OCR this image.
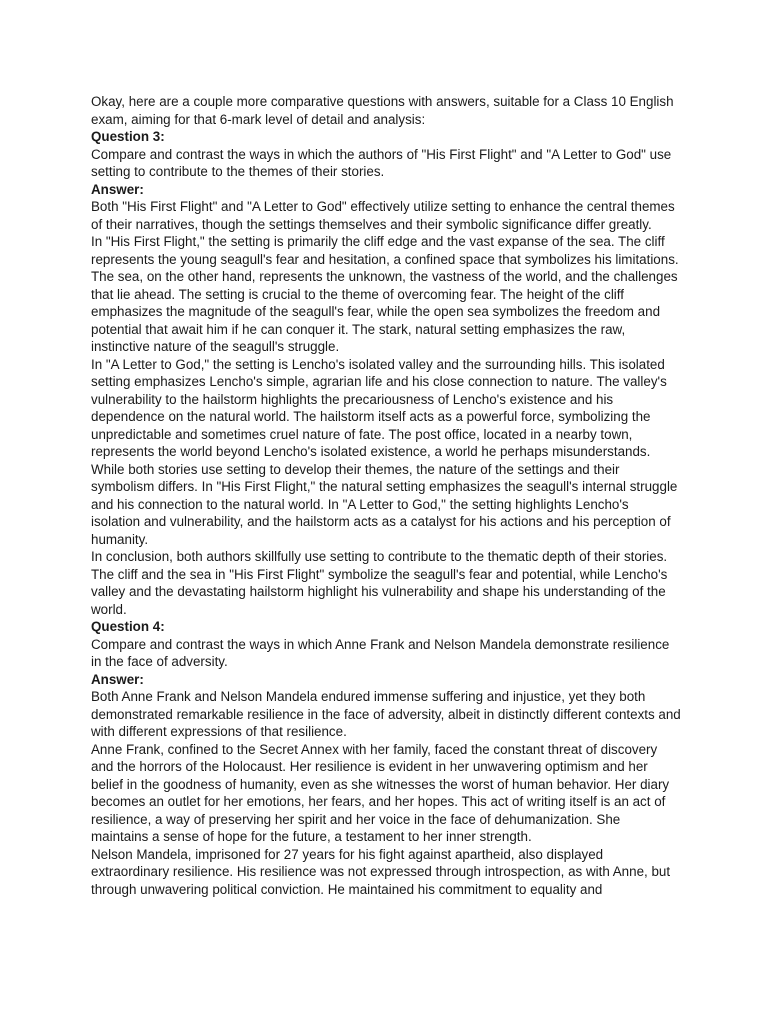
Okay, here are a couple more comparative questions with answers, suitable for a Class 10 English exam, aiming for that 6-mark level of detail and analysis:

Question 3:

Compare and contrast the ways in which the authors of "His First Flight" and "A Letter to God" use setting to contribute to the themes of their stories.

Answer:

Both "His First Flight" and "A Letter to God" effectively utilize setting to enhance the central themes of their narratives, though the settings themselves and their symbolic significance differ greatly.

In "His First Flight," the setting is primarily the cliff edge and the vast expanse of the sea. The cliff represents the young seagull's fear and hesitation, a confined space that symbolizes his limitations. The sea, on the other hand, represents the unknown, the vastness of the world, and the challenges that lie ahead. The setting is crucial to the theme of overcoming fear. The height of the cliff emphasizes the magnitude of the seagull's fear, while the open sea symbolizes the freedom and potential that await him if he can conquer it. The stark, natural setting emphasizes the raw, instinctive nature of the seagull's struggle.

In "A Letter to God," the setting is Lencho's isolated valley and the surrounding hills. This isolated setting emphasizes Lencho's simple, agrarian life and his close connection to nature. The valley's vulnerability to the hailstorm highlights the precariousness of Lencho's existence and his dependence on the natural world. The hailstorm itself acts as a powerful force, symbolizing the unpredictable and sometimes cruel nature of fate. The post office, located in a nearby town, represents the world beyond Lencho's isolated existence, a world he perhaps misunderstands.

While both stories use setting to develop their themes, the nature of the settings and their symbolism differs. In "His First Flight," the natural setting emphasizes the seagull's internal struggle and his connection to the natural world. In "A Letter to God," the setting highlights Lencho's isolation and vulnerability, and the hailstorm acts as a catalyst for his actions and his perception of humanity.

In conclusion, both authors skillfully use setting to contribute to the thematic depth of their stories. The cliff and the sea in "His First Flight" symbolize the seagull's fear and potential, while Lencho's valley and the devastating hailstorm highlight his vulnerability and shape his understanding of the world.

Question 4:

Compare and contrast the ways in which Anne Frank and Nelson Mandela demonstrate resilience in the face of adversity.

Answer:

Both Anne Frank and Nelson Mandela endured immense suffering and injustice, yet they both demonstrated remarkable resilience in the face of adversity, albeit in distinctly different contexts and with different expressions of that resilience.

Anne Frank, confined to the Secret Annex with her family, faced the constant threat of discovery and the horrors of the Holocaust. Her resilience is evident in her unwavering optimism and her belief in the goodness of humanity, even as she witnesses the worst of human behavior. Her diary becomes an outlet for her emotions, her fears, and her hopes. This act of writing itself is an act of resilience, a way of preserving her spirit and her voice in the face of dehumanization. She maintains a sense of hope for the future, a testament to her inner strength.

Nelson Mandela, imprisoned for 27 years for his fight against apartheid, also displayed extraordinary resilience. His resilience was not expressed through introspection, as with Anne, but through unwavering political conviction. He maintained his commitment to equality and
